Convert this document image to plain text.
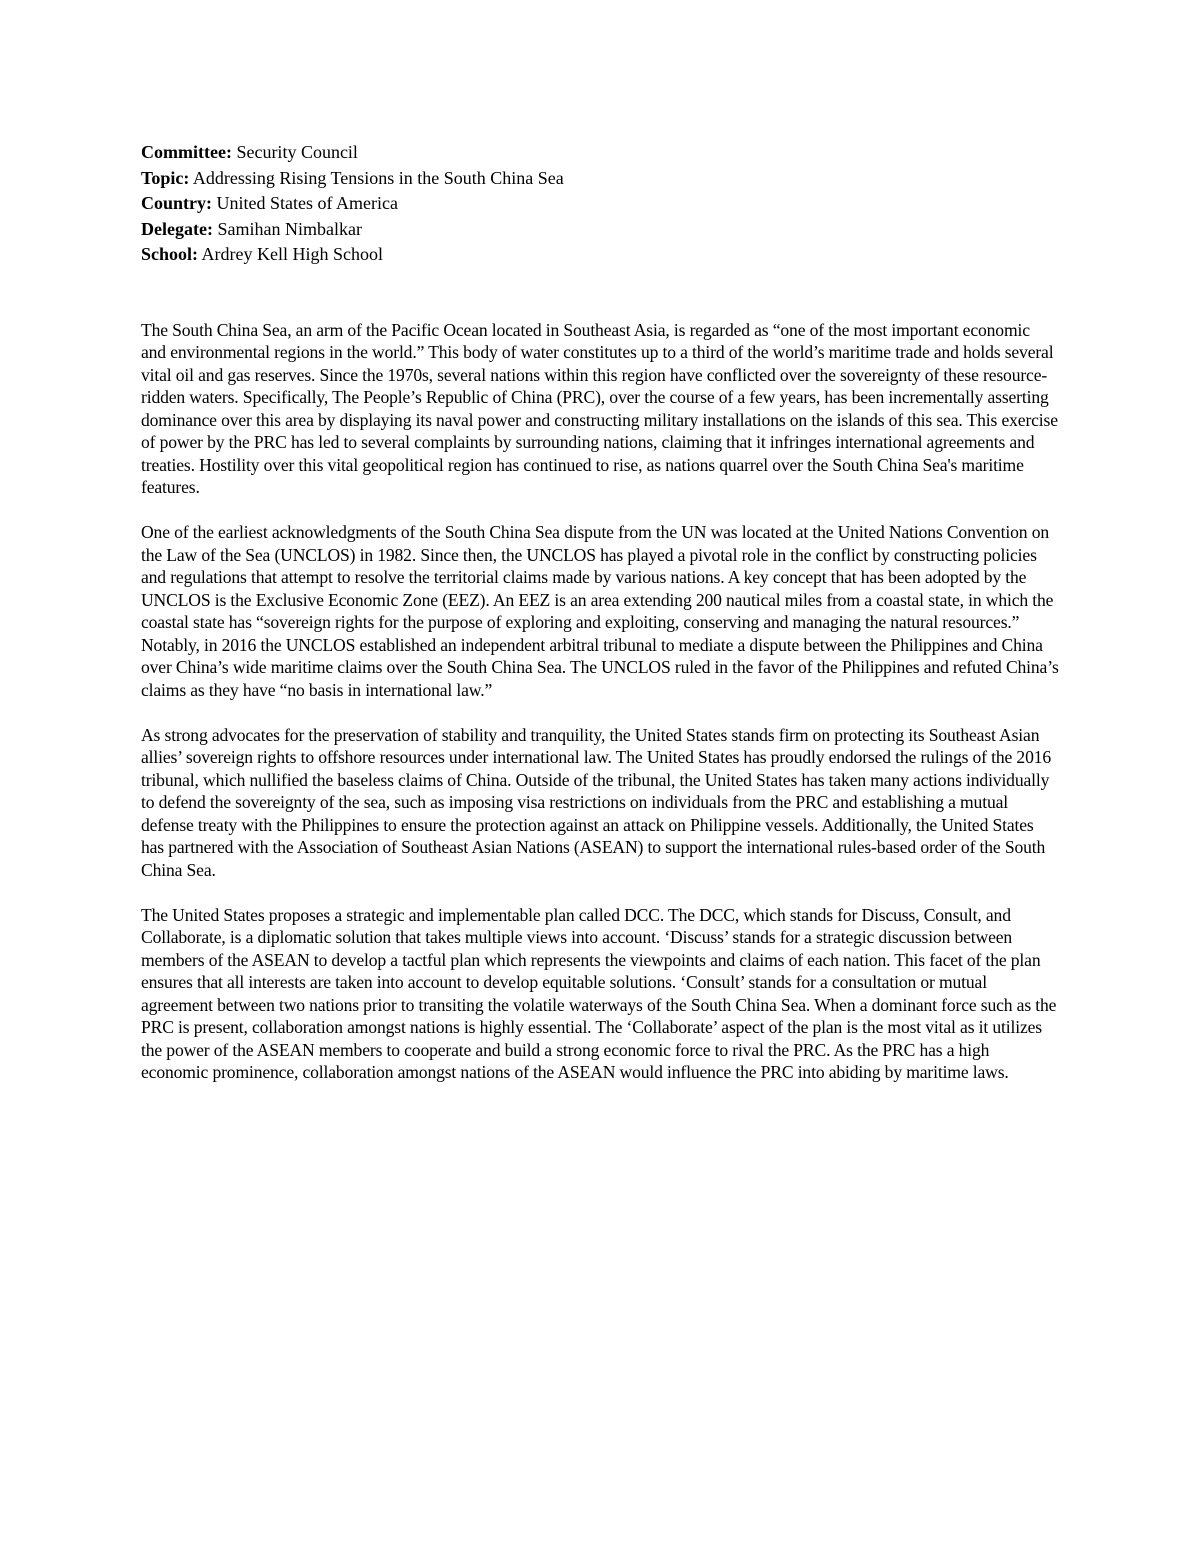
Committee: Security Council

Topic: Addressing Rising Tensions in the South China Sea

Country: United States of America

Delegate: Samihan Nimbalkar

School: Ardrey Kell High School

The South China Sea, an arm of the Pacific Ocean located in Southeast Asia, is regarded as “one of the most important economic and environmental regions in the world.” This body of water constitutes up to a third of the world’s maritime trade and holds several vital oil and gas reserves. Since the 1970s, several nations within this region have conflicted over the sovereignty of these resource-ridden waters. Specifically, The People’s Republic of China (PRC), over the course of a few years, has been incrementally asserting dominance over this area by displaying its naval power and constructing military installations on the islands of this sea. This exercise of power by the PRC has led to several complaints by surrounding nations, claiming that it infringes international agreements and treaties. Hostility over this vital geopolitical region has continued to rise, as nations quarrel over the South China Sea's maritime features.

One of the earliest acknowledgments of the South China Sea dispute from the UN was located at the United Nations Convention on the Law of the Sea (UNCLOS) in 1982. Since then, the UNCLOS has played a pivotal role in the conflict by constructing policies and regulations that attempt to resolve the territorial claims made by various nations. A key concept that has been adopted by the UNCLOS is the Exclusive Economic Zone (EEZ). An EEZ is an area extending 200 nautical miles from a coastal state, in which the coastal state has “sovereign rights for the purpose of exploring and exploiting, conserving and managing the natural resources.” Notably, in 2016 the UNCLOS established an independent arbitral tribunal to mediate a dispute between the Philippines and China over China’s wide maritime claims over the South China Sea. The UNCLOS ruled in the favor of the Philippines and refuted China’s claims as they have “no basis in international law.”

As strong advocates for the preservation of stability and tranquility, the United States stands firm on protecting its Southeast Asian allies’ sovereign rights to offshore resources under international law. The United States has proudly endorsed the rulings of the 2016 tribunal, which nullified the baseless claims of China. Outside of the tribunal, the United States has taken many actions individually to defend the sovereignty of the sea, such as imposing visa restrictions on individuals from the PRC and establishing a mutual defense treaty with the Philippines to ensure the protection against an attack on Philippine vessels. Additionally, the United States has partnered with the Association of Southeast Asian Nations (ASEAN) to support the international rules-based order of the South China Sea.

The United States proposes a strategic and implementable plan called DCC. The DCC, which stands for Discuss, Consult, and Collaborate, is a diplomatic solution that takes multiple views into account. ‘Discuss’ stands for a strategic discussion between members of the ASEAN to develop a tactful plan which represents the viewpoints and claims of each nation. This facet of the plan ensures that all interests are taken into account to develop equitable solutions. ‘Consult’ stands for a consultation or mutual agreement between two nations prior to transiting the volatile waterways of the South China Sea. When a dominant force such as the PRC is present, collaboration amongst nations is highly essential. The ‘Collaborate’ aspect of the plan is the most vital as it utilizes the power of the ASEAN members to cooperate and build a strong economic force to rival the PRC. As the PRC has a high economic prominence, collaboration amongst nations of the ASEAN would influence the PRC into abiding by maritime laws.
